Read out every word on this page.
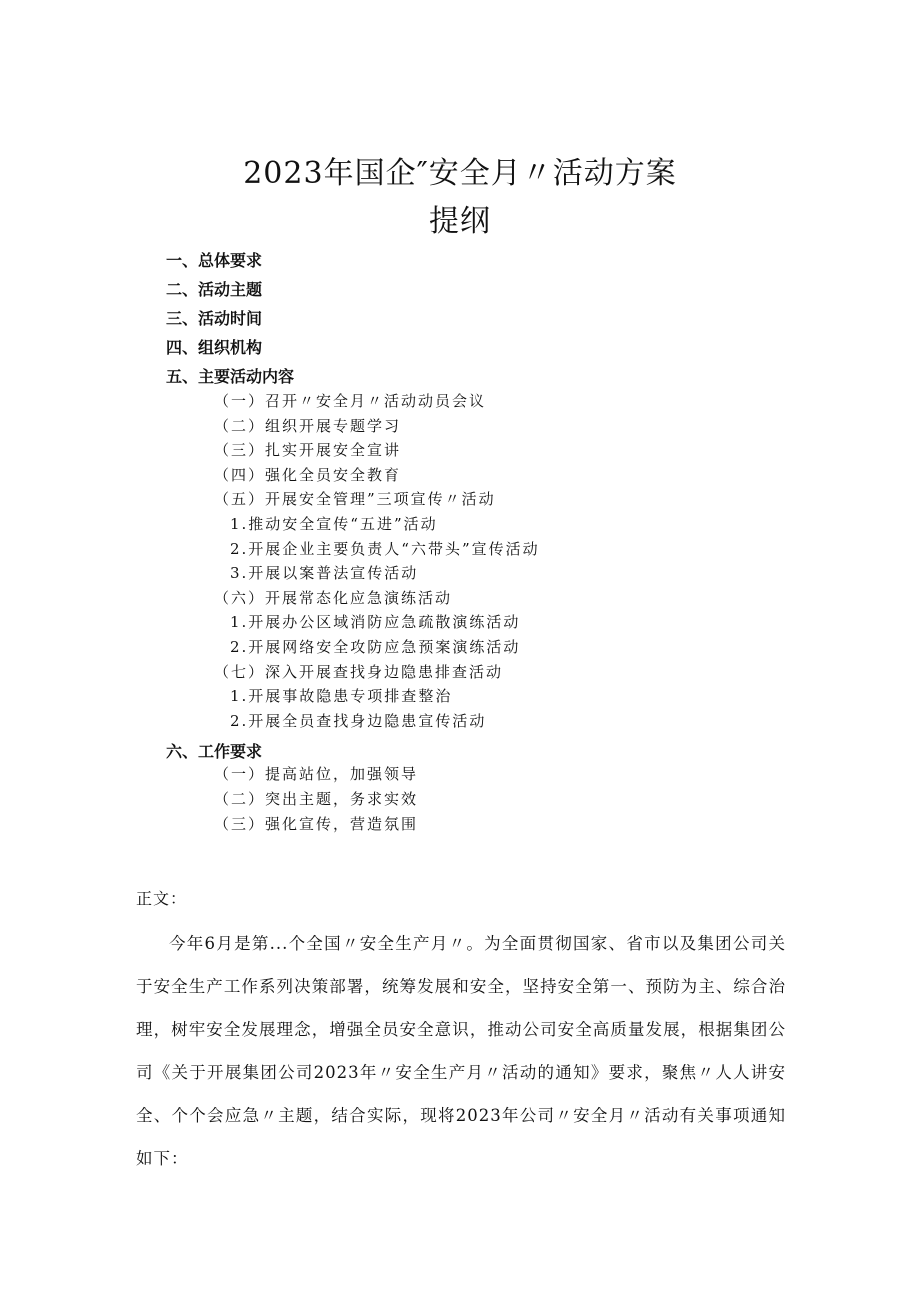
2023年国企″安全月〃活动方案
提纲
一、总体要求
二、活动主题
三、活动时间
四、组织机构
五、主要活动内容
（一）召开〃安全月〃活动动员会议
（二）组织开展专题学习
（三）扎实开展安全宣讲
（四）强化全员安全教育
（五）开展安全管理”三项宣传〃活动
1.推动安全宣传“五进”活动
2.开展企业主要负责人“六带头”宣传活动
3.开展以案普法宣传活动
（六）开展常态化应急演练活动
1.开展办公区域消防应急疏散演练活动
2.开展网络安全攻防应急预案演练活动
（七）深入开展查找身边隐患排查活动
1.开展事故隐患专项排查整治
2.开展全员查找身边隐患宣传活动
六、工作要求
（一）提高站位，加强领导
（二）突出主题，务求实效
（三）强化宣传，营造氛围
正文：

今年6月是第...个全国〃安全生产月〃。为全面贯彻国家、省市以及集团公司关于安全生产工作系列决策部署，统筹发展和安全，坚持安全第一、预防为主、综合治理，树牢安全发展理念，增强全员安全意识，推动公司安全高质量发展，根据集团公司《关于开展集团公司2023年〃安全生产月〃活动的通知》要求，聚焦〃人人讲安全、个个会应急〃主题，结合实际，现将2023年公司〃安全月〃活动有关事项通知如下：
